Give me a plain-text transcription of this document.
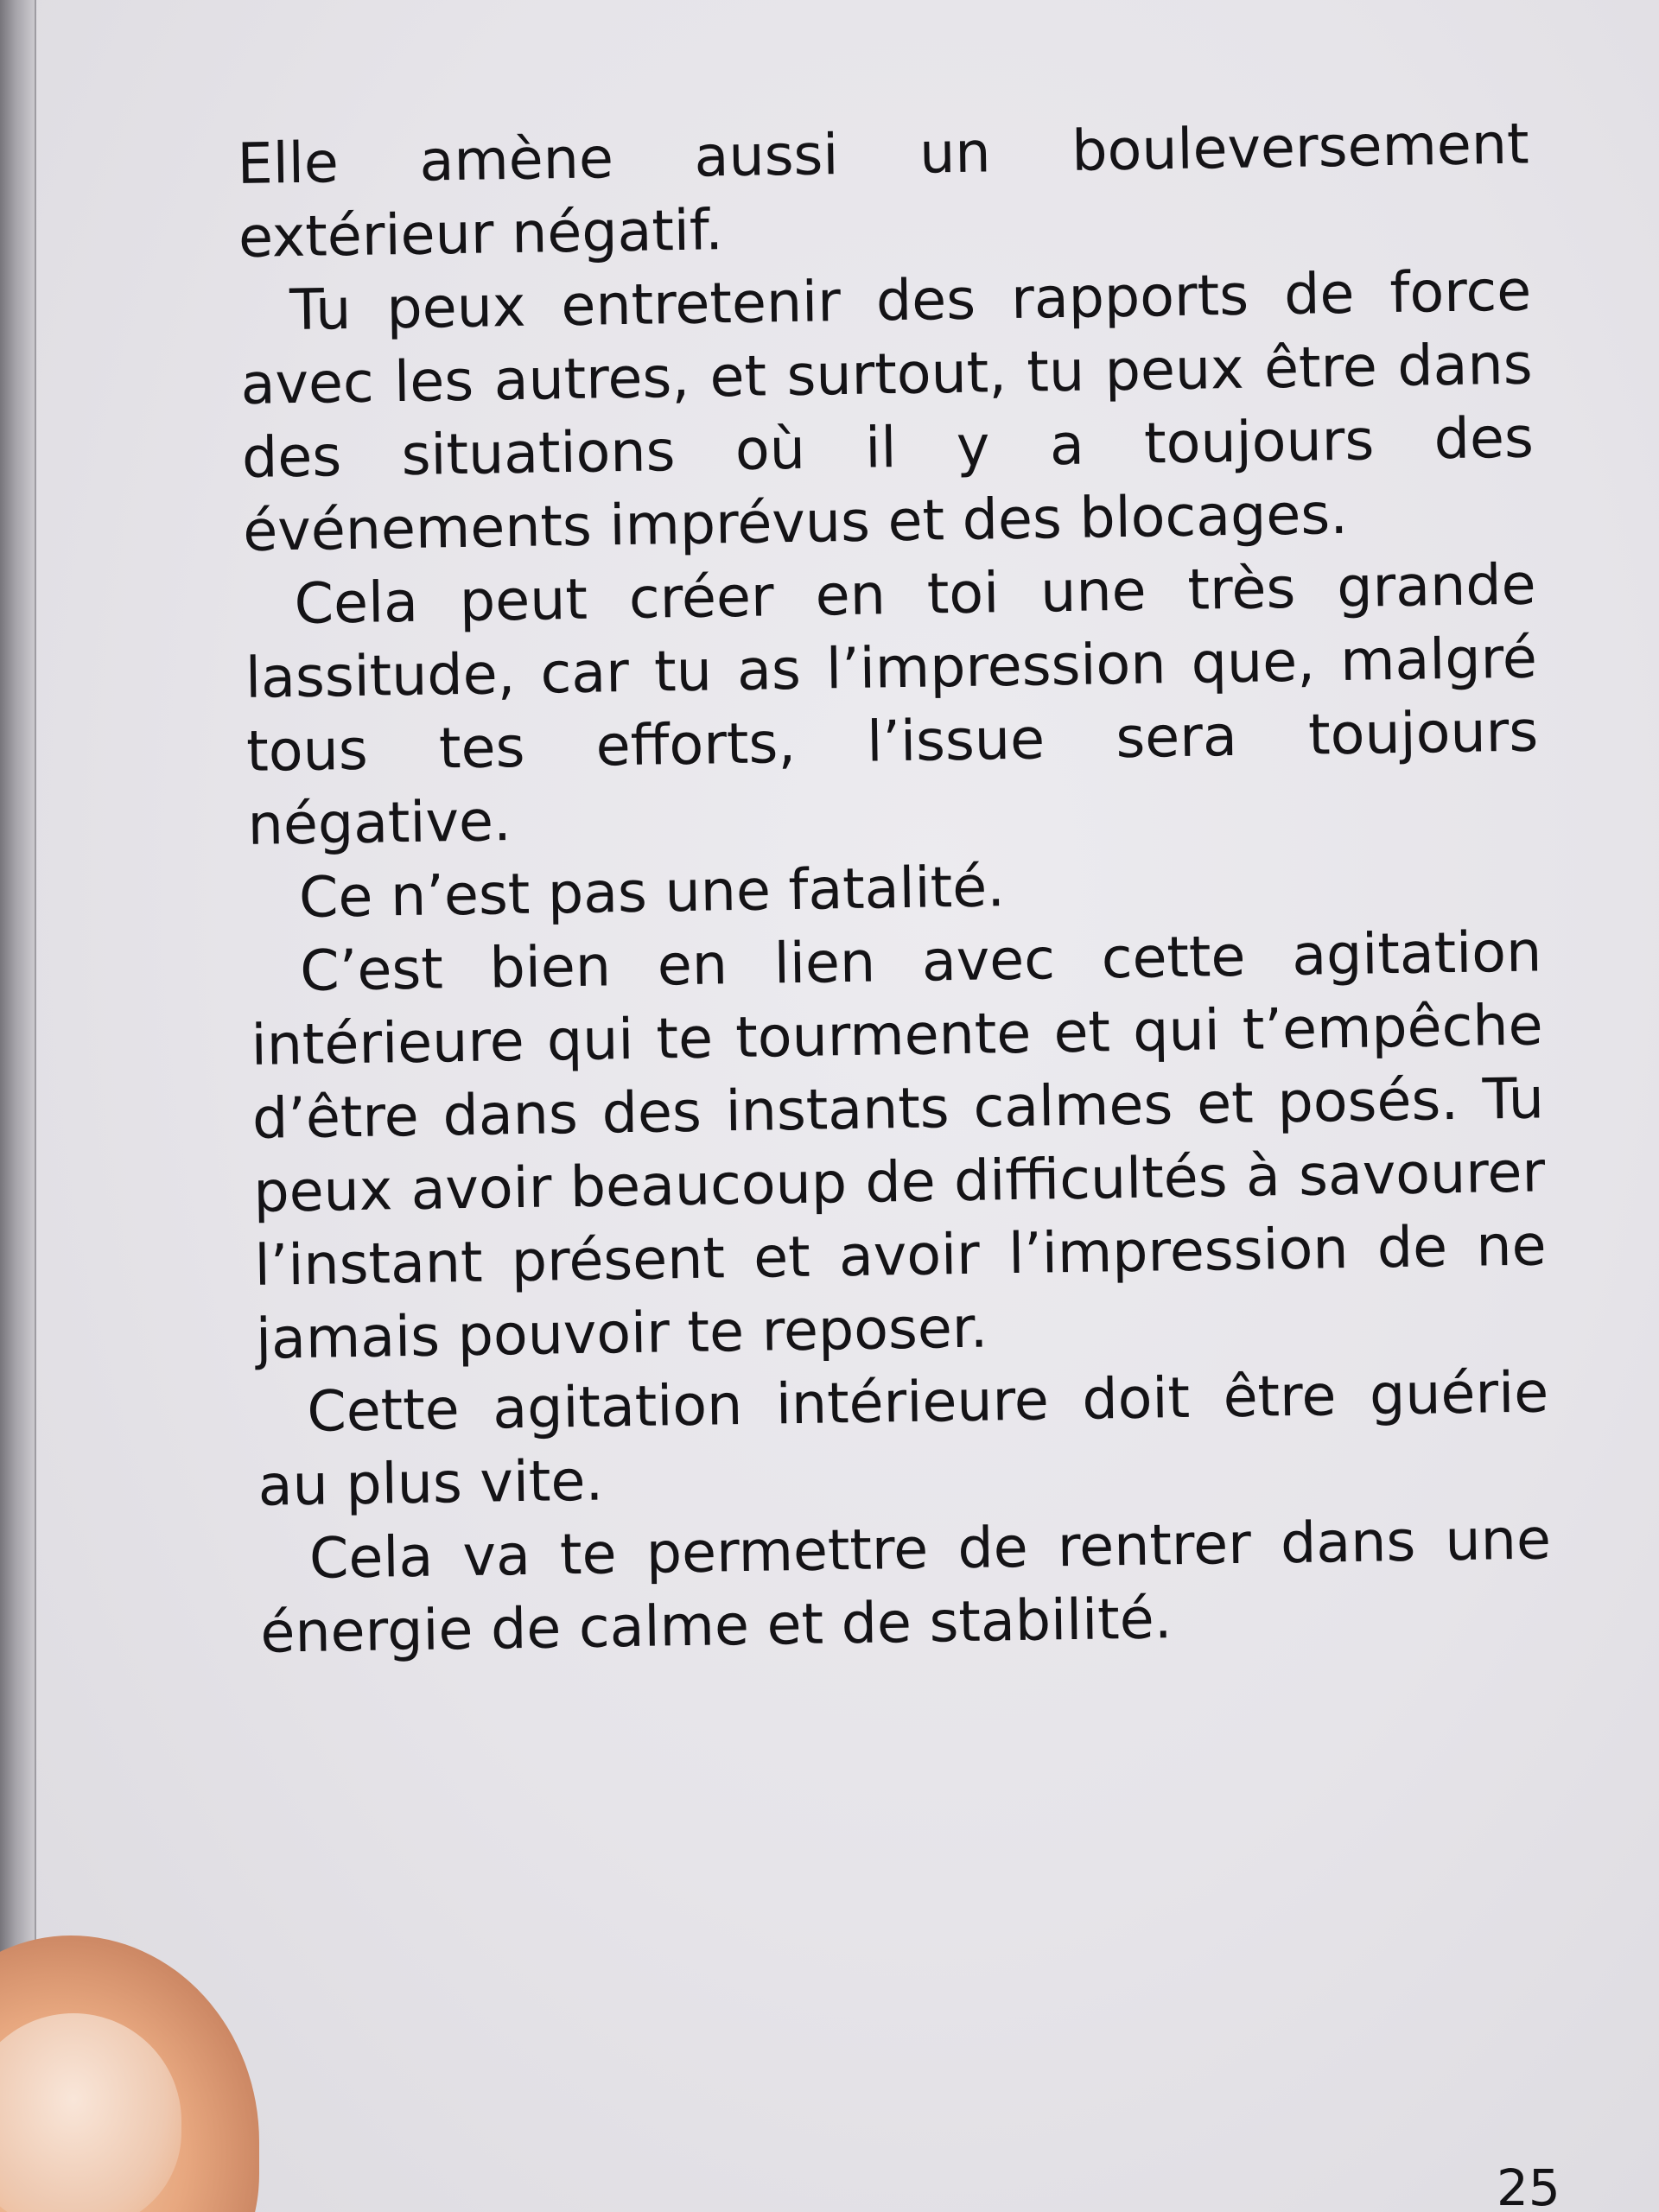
Elle amène aussi un bouleversement extérieur négatif.

Tu peux entretenir des rapports de force avec les autres, et surtout, tu peux être dans des situations où il y a toujours des événements imprévus et des blocages.

Cela peut créer en toi une très grande lassitude, car tu as l’impression que, malgré tous tes efforts, l’issue sera toujours négative.

Ce n’est pas une fatalité.

C’est bien en lien avec cette agitation intérieure qui te tourmente et qui t’empêche d’être dans des instants calmes et posés. Tu peux avoir beaucoup de difficultés à savourer l’instant présent et avoir l’impression de ne jamais pouvoir te reposer.

Cette agitation intérieure doit être guérie au plus vite.

Cela va te permettre de rentrer dans une énergie de calme et de stabilité.

25
